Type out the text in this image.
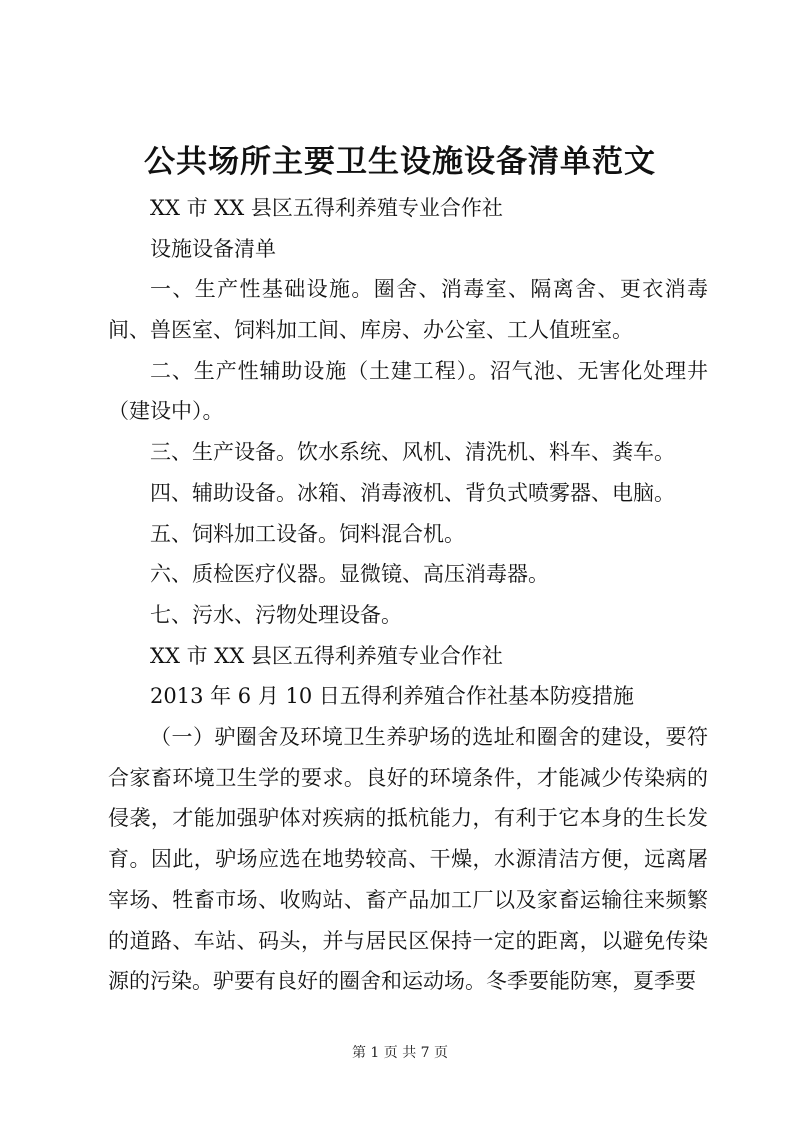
公共场所主要卫生设施设备清单范文
XX 市 XX 县区五得利养殖专业合作社
设施设备清单
一、生产性基础设施。圈舍、消毒室、隔离舍、更衣消毒间、兽医室、饲料加工间、库房、办公室、工人值班室。
二、生产性辅助设施（土建工程）。沼气池、无害化处理井（建设中）。
三、生产设备。饮水系统、风机、清洗机、料车、粪车。
四、辅助设备。冰箱、消毒液机、背负式喷雾器、电脑。
五、饲料加工设备。饲料混合机。
六、质检医疗仪器。显微镜、高压消毒器。
七、污水、污物处理设备。
XX 市 XX 县区五得利养殖专业合作社
2013 年 6 月 10 日五得利养殖合作社基本防疫措施
（一）驴圈舍及环境卫生养驴场的选址和圈舍的建设，要符合家畜环境卫生学的要求。良好的环境条件，才能减少传染病的侵袭，才能加强驴体对疾病的抵杭能力，有利于它本身的生长发育。因此，驴场应选在地势较高、干燥，水源清洁方便，远离屠宰场、牲畜市场、收购站、畜产品加工厂以及家畜运输往来频繁的道路、车站、码头，并与居民区保持一定的距离，以避免传染源的污染。驴要有良好的圈舍和运动场。冬季要能防寒，夏季要
第 1 页 共 7 页
